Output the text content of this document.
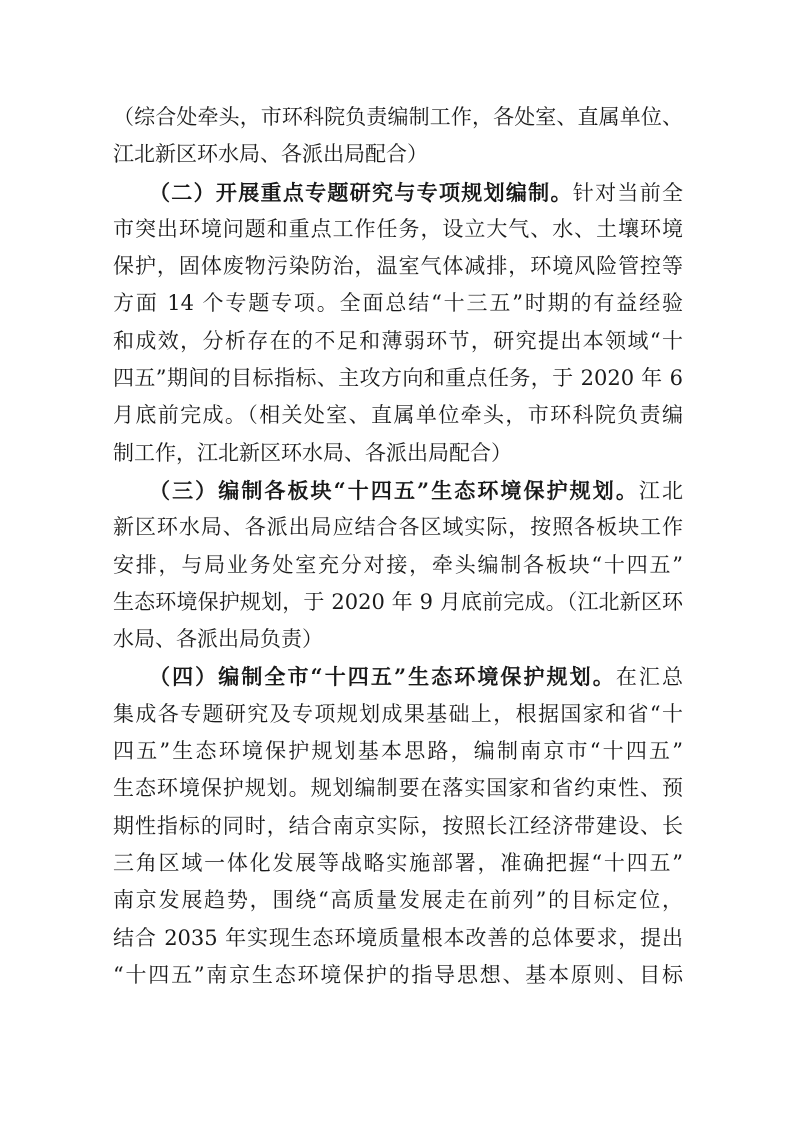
（综合处牵头，市环科院负责编制工作，各处室、直属单位、
江北新区环水局、各派出局配合）
（二）开展重点专题研究与专项规划编制。针对当前全
市突出环境问题和重点工作任务，设立大气、水、土壤环境
保护，固体废物污染防治，温室气体减排，环境风险管控等
方面 14 个专题专项。全面总结“十三五”时期的有益经验
和成效，分析存在的不足和薄弱环节，研究提出本领域“十
四五”期间的目标指标、主攻方向和重点任务，于 2020 年 6
月底前完成。（相关处室、直属单位牵头，市环科院负责编
制工作，江北新区环水局、各派出局配合）
（三）编制各板块“十四五”生态环境保护规划。江北
新区环水局、各派出局应结合各区域实际，按照各板块工作
安排，与局业务处室充分对接，牵头编制各板块“十四五”
生态环境保护规划，于 2020 年 9 月底前完成。（江北新区环
水局、各派出局负责）
（四）编制全市“十四五”生态环境保护规划。在汇总
集成各专题研究及专项规划成果基础上，根据国家和省“十
四五”生态环境保护规划基本思路，编制南京市“十四五”
生态环境保护规划。规划编制要在落实国家和省约束性、预
期性指标的同时，结合南京实际，按照长江经济带建设、长
三角区域一体化发展等战略实施部署，准确把握“十四五”
南京发展趋势，围绕“高质量发展走在前列”的目标定位，
结合 2035 年实现生态环境质量根本改善的总体要求，提出
“十四五”南京生态环境保护的指导思想、基本原则、目标
